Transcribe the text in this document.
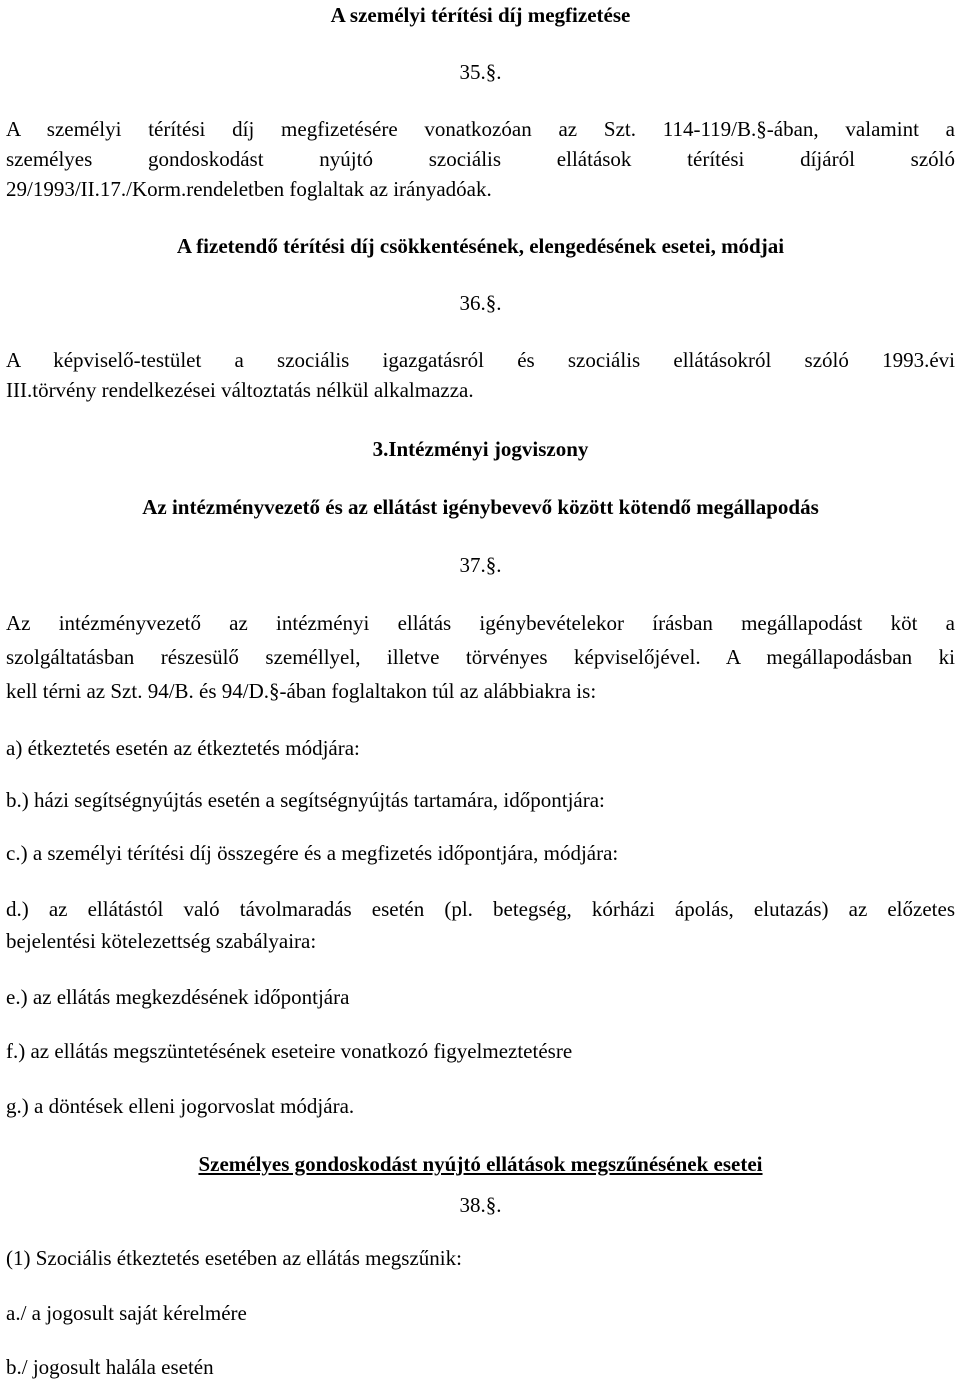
A személyi térítési díj megfizetése
35.§.
A személyi térítési díj megfizetésére vonatkozóan az Szt. 114-119/B.§-ában, valamint a
személyes gondoskodást nyújtó szociális ellátások térítési díjáról szóló
29/1993/II.17./Korm.rendeletben foglaltak az irányadóak.
A fizetendő térítési díj csökkentésének, elengedésének esetei, módjai
36.§.
A képviselő-testület a szociális igazgatásról és szociális ellátásokról szóló 1993.évi
III.törvény rendelkezései változtatás nélkül alkalmazza.
3.Intézményi jogviszony
Az intézményvezető és az ellátást igénybevevő között kötendő megállapodás
37.§.
Az intézményvezető az intézményi ellátás igénybevételekor írásban megállapodást köt a
szolgáltatásban részesülő személlyel, illetve törvényes képviselőjével. A megállapodásban ki
kell térni az Szt. 94/B. és 94/D.§-ában foglaltakon túl az alábbiakra is:
a) étkeztetés esetén az étkeztetés módjára:
b.) házi segítségnyújtás esetén a segítségnyújtás tartamára, időpontjára:
c.) a személyi térítési díj összegére és a megfizetés időpontjára, módjára:
d.) az ellátástól való távolmaradás esetén (pl. betegség, kórházi ápolás, elutazás) az előzetes
bejelentési kötelezettség szabályaira:
e.) az ellátás megkezdésének időpontjára
f.) az ellátás megszüntetésének eseteire vonatkozó figyelmeztetésre
g.) a döntések elleni jogorvoslat módjára.
Személyes gondoskodást nyújtó ellátások megszűnésének esetei
38.§.
(1) Szociális étkeztetés esetében az ellátás megszűnik:
a./ a jogosult saját kérelmére
b./ jogosult halála esetén
